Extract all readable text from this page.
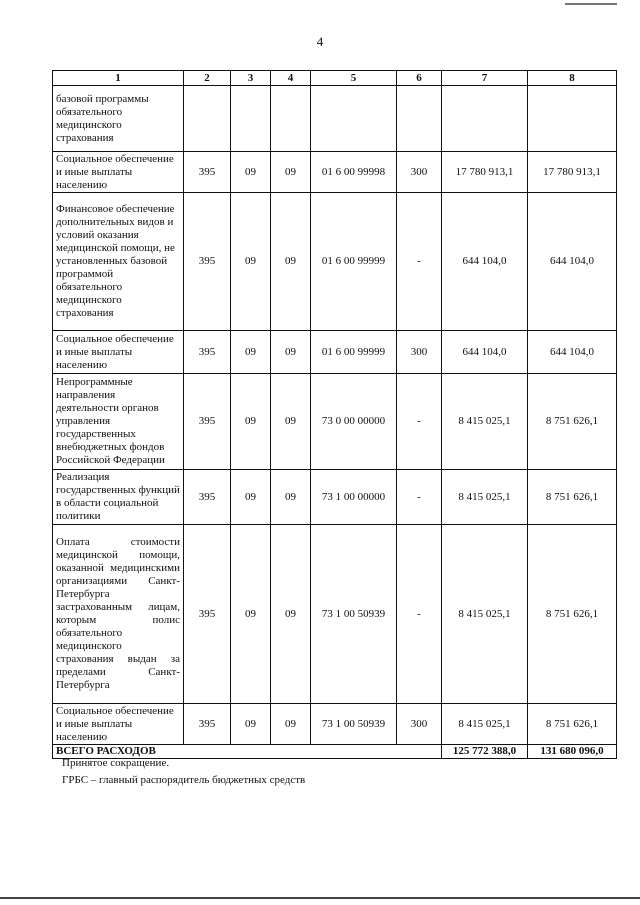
4
1	2	3	4	5	6	7	8
базовой программы обязательного медицинского страхования							
Социальное обеспечение и иные выплаты населению	395	09	09	01 6 00 99998	300	17 780 913,1	17 780 913,1
Финансовое обеспечение дополнительных видов и условий оказания медицинской помощи, не установленных базовой программой обязательного медицинского страхования	395	09	09	01 6 00 99999	-	644 104,0	644 104,0
Социальное обеспечение и иные выплаты населению	395	09	09	01 6 00 99999	300	644 104,0	644 104,0
Непрограммные направления деятельности органов управления государственных внебюджетных фондов Российской Федерации	395	09	09	73 0 00 00000	-	8 415 025,1	8 751 626,1
Реализация государственных функций в области социальной политики	395	09	09	73 1 00 00000	-	8 415 025,1	8 751 626,1
Оплата стоимости медицинской помощи, оказанной медицинскими организациями Санкт-Петербурга застрахованным лицам, которым полис обязательного медицинского страхования выдан за пределами Санкт-Петербурга	395	09	09	73 1 00 50939	-	8 415 025,1	8 751 626,1
Социальное обеспечение и иные выплаты населению	395	09	09	73 1 00 50939	300	8 415 025,1	8 751 626,1
ВСЕГО РАСХОДОВ						125 772 388,0	131 680 096,0
Принятое сокращение.
ГРБС – главный распорядитель бюджетных средств
